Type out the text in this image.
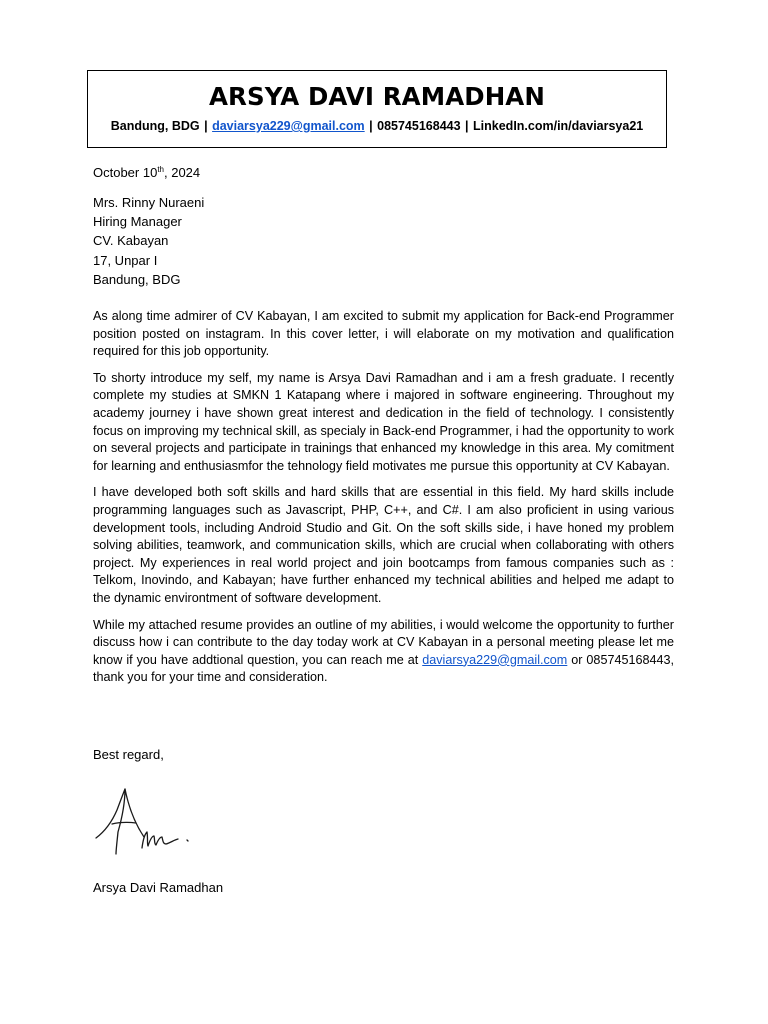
ARSYA DAVI RAMADHAN
Bandung, BDG | daviarsya229@gmail.com | 085745168443 | LinkedIn.com/in/daviarsya21
October 10th, 2024
Mrs. Rinny Nuraeni
Hiring Manager
CV. Kabayan
17, Unpar I
Bandung, BDG

As along time admirer of CV Kabayan, I am excited to submit my application for Back-end Programmer position posted on instagram. In this cover letter, i will elaborate on my motivation and qualification required for this job opportunity.

To shorty introduce my self, my name is Arsya Davi Ramadhan and i am a fresh graduate. I recently complete my studies at SMKN 1 Katapang where i majored in software engineering. Throughout my academy journey i have shown great interest and dedication in the field of technology. I consistently focus on improving my technical skill, as specialy in Back-end Programmer, i had the opportunity to work on several projects and participate in trainings that enhanced my knowledge in this area. My comitment for learning and enthusiasmfor the tehnology field motivates me pursue this opportunity at CV Kabayan.

I have developed both soft skills and hard skills that are essential in this field. My hard skills include programming languages such as Javascript, PHP, C++, and C#. I am also proficient in using various development tools, including Android Studio and Git. On the soft skills side, i have honed my problem solving abilities, teamwork, and communication skills, which are crucial when collaborating with others project. My experiences in real world project and join bootcamps from famous companies such as : Telkom, Inovindo, and Kabayan; have further enhanced my technical abilities and helped me adapt to the dynamic environtment of software development.

While my attached resume provides an outline of my abilities, i would welcome the opportunity to further discuss how i can contribute to the day today work at CV Kabayan in a personal meeting please let me know if you have addtional question, you can reach me at daviarsya229@gmail.com or 085745168443, thank you for your time and consideration.

Best regard,
Arsya Davi Ramadhan
